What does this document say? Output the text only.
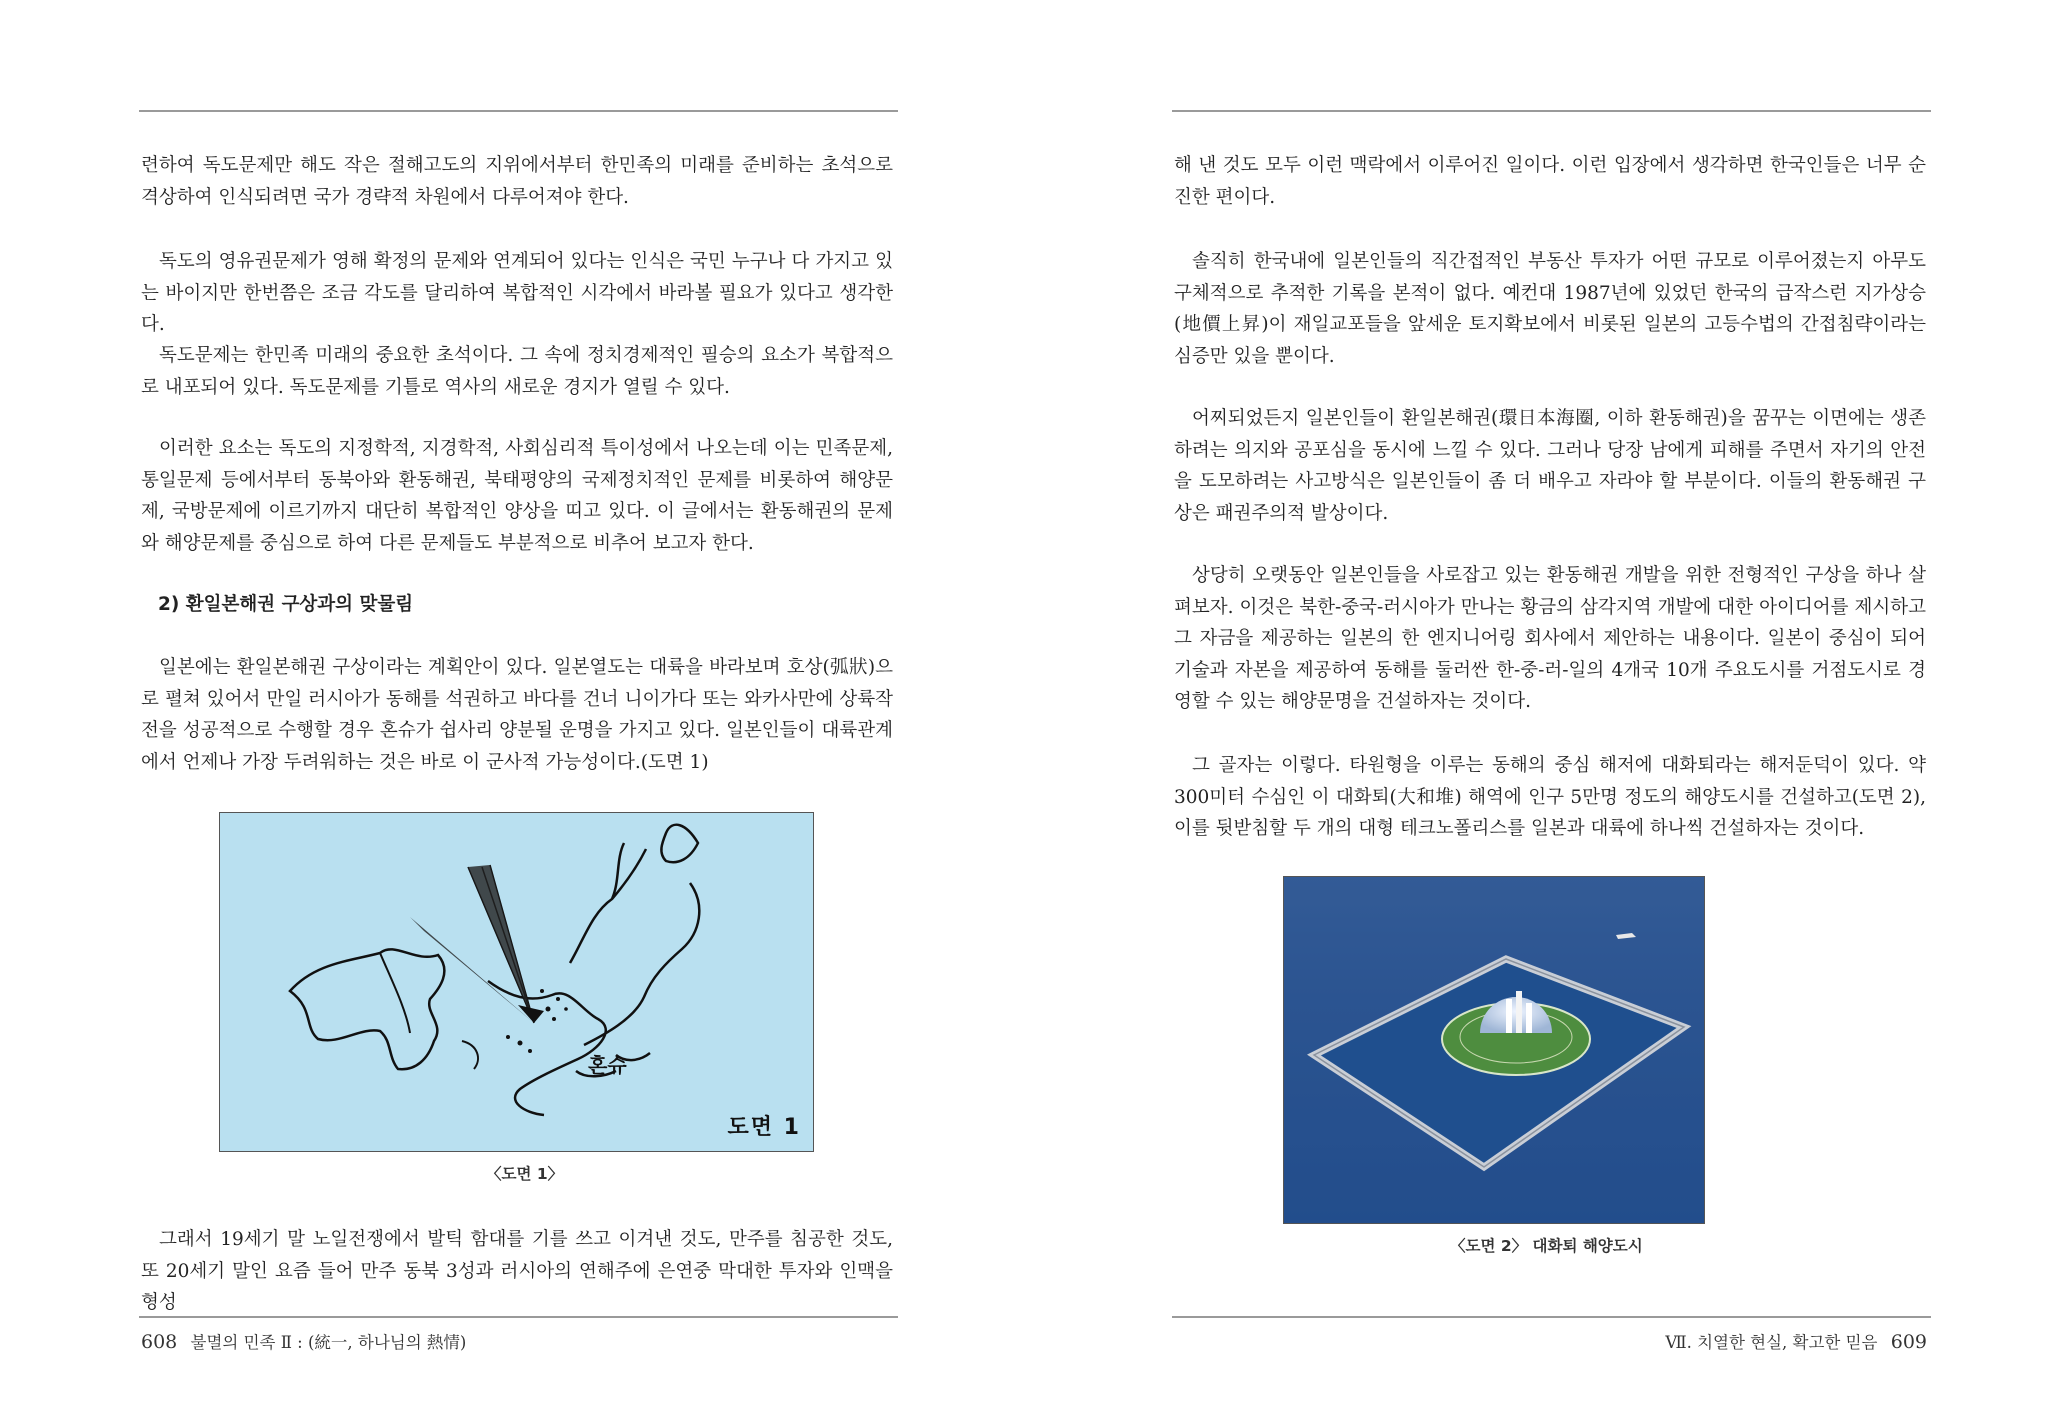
련하여 독도문제만 해도 작은 절해고도의 지위에서부터 한민족의 미래를 준비하는 초석으로 격상하여 인식되려면 국가 경략적 차원에서 다루어져야 한다.
독도의 영유권문제가 영해 확정의 문제와 연계되어 있다는 인식은 국민 누구나 다 가지고 있는 바이지만 한번쯤은 조금 각도를 달리하여 복합적인 시각에서 바라볼 필요가 있다고 생각한다.
독도문제는 한민족 미래의 중요한 초석이다. 그 속에 정치경제적인 필승의 요소가 복합적으로 내포되어 있다. 독도문제를 기틀로 역사의 새로운 경지가 열릴 수 있다.
이러한 요소는 독도의 지정학적, 지경학적, 사회심리적 특이성에서 나오는데 이는 민족문제, 통일문제 등에서부터 동북아와 환동해권, 북태평양의 국제정치적인 문제를 비롯하여 해양문제, 국방문제에 이르기까지 대단히 복합적인 양상을 띠고 있다. 이 글에서는 환동해권의 문제와 해양문제를 중심으로 하여 다른 문제들도 부분적으로 비추어 보고자 한다.
2) 환일본해권 구상과의 맞물림
일본에는 환일본해권 구상이라는 계획안이 있다. 일본열도는 대륙을 바라보며 호상(弧狀)으로 펼쳐 있어서 만일 러시아가 동해를 석권하고 바다를 건너 니이가다 또는 와카사만에 상륙작전을 성공적으로 수행할 경우 혼슈가 쉽사리 양분될 운명을 가지고 있다. 일본인들이 대륙관계에서 언제나 가장 두려워하는 것은 바로 이 군사적 가능성이다.(도면 1)
혼슈
도면 1
〈도면 1〉
그래서 19세기 말 노일전쟁에서 발틱 함대를 기를 쓰고 이겨낸 것도, 만주를 침공한 것도, 또 20세기 말인 요즘 들어 만주 동북 3성과 러시아의 연해주에 은연중 막대한 투자와 인맥을 형성
608 불멸의 민족 Ⅱ : (統一, 하나님의 熱情)
해 낸 것도 모두 이런 맥락에서 이루어진 일이다. 이런 입장에서 생각하면 한국인들은 너무 순진한 편이다.
솔직히 한국내에 일본인들의 직간접적인 부동산 투자가 어떤 규모로 이루어졌는지 아무도 구체적으로 추적한 기록을 본적이 없다. 예컨대 1987년에 있었던 한국의 급작스런 지가상승(地價上昇)이 재일교포들을 앞세운 토지확보에서 비롯된 일본의 고등수법의 간접침략이라는 심증만 있을 뿐이다.
어찌되었든지 일본인들이 환일본해권(環日本海圈, 이하 환동해권)을 꿈꾸는 이면에는 생존하려는 의지와 공포심을 동시에 느낄 수 있다. 그러나 당장 남에게 피해를 주면서 자기의 안전을 도모하려는 사고방식은 일본인들이 좀 더 배우고 자라야 할 부분이다. 이들의 환동해권 구상은 패권주의적 발상이다.
상당히 오랫동안 일본인들을 사로잡고 있는 환동해권 개발을 위한 전형적인 구상을 하나 살펴보자. 이것은 북한-중국-러시아가 만나는 황금의 삼각지역 개발에 대한 아이디어를 제시하고 그 자금을 제공하는 일본의 한 엔지니어링 회사에서 제안하는 내용이다. 일본이 중심이 되어 기술과 자본을 제공하여 동해를 둘러싼 한-중-러-일의 4개국 10개 주요도시를 거점도시로 경영할 수 있는 해양문명을 건설하자는 것이다.
그 골자는 이렇다. 타원형을 이루는 동해의 중심 해저에 대화퇴라는 해저둔덕이 있다. 약 300미터 수심인 이 대화퇴(大和堆) 해역에 인구 5만명 정도의 해양도시를 건설하고(도면 2), 이를 뒷받침할 두 개의 대형 테크노폴리스를 일본과 대륙에 하나씩 건설하자는 것이다.
〈도면 2〉 대화퇴 해양도시
Ⅶ. 치열한 현실, 확고한 믿음 609
